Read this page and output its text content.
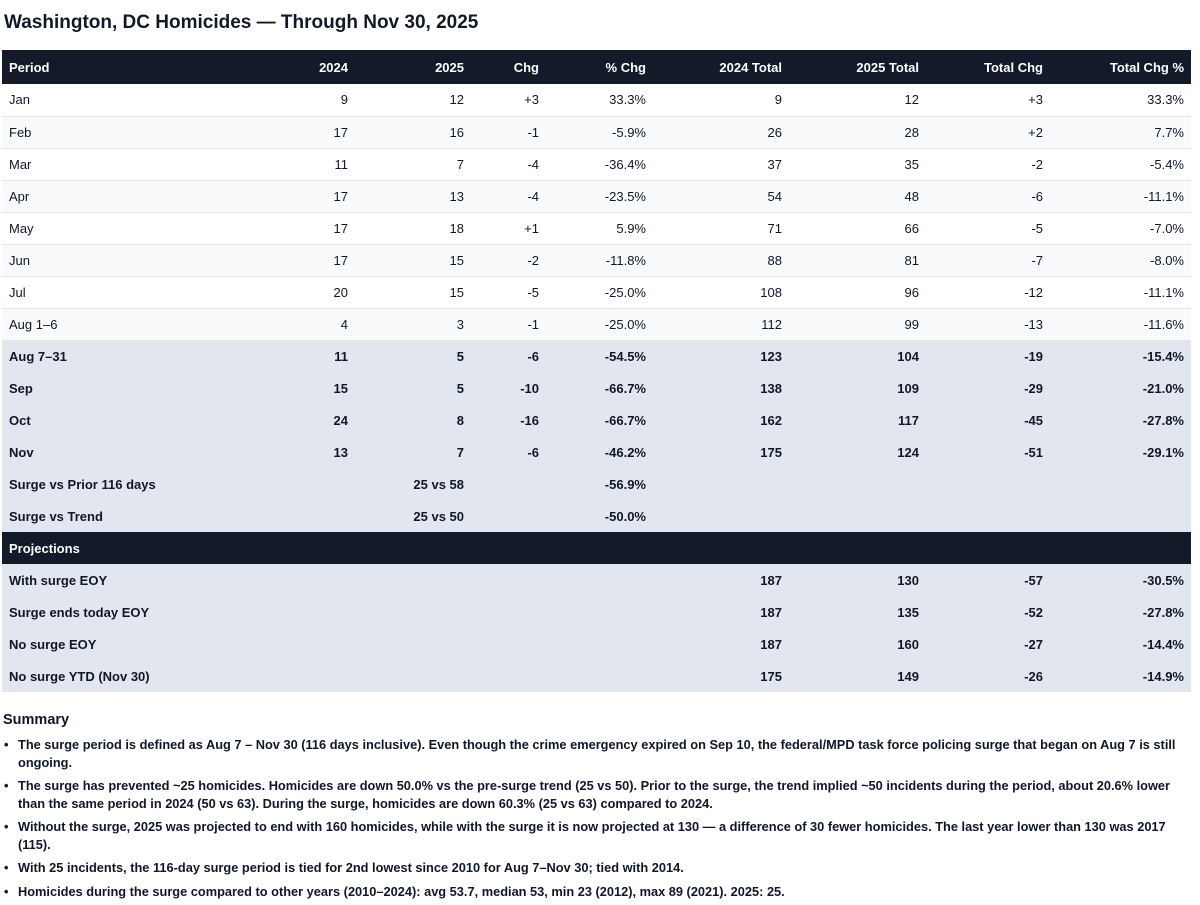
Washington, DC Homicides — Through Nov 30, 2025
Period	2024	2025	Chg	% Chg	2024 Total	2025 Total	Total Chg	Total Chg %
Jan	9	12	+3	33.3%	9	12	+3	33.3%
Feb	17	16	-1	-5.9%	26	28	+2	7.7%
Mar	11	7	-4	-36.4%	37	35	-2	-5.4%
Apr	17	13	-4	-23.5%	54	48	-6	-11.1%
May	17	18	+1	5.9%	71	66	-5	-7.0%
Jun	17	15	-2	-11.8%	88	81	-7	-8.0%
Jul	20	15	-5	-25.0%	108	96	-12	-11.1%
Aug 1–6	4	3	-1	-25.0%	112	99	-13	-11.6%
Aug 7–31	11	5	-6	-54.5%	123	104	-19	-15.4%
Sep	15	5	-10	-66.7%	138	109	-29	-21.0%
Oct	24	8	-16	-66.7%	162	117	-45	-27.8%
Nov	13	7	-6	-46.2%	175	124	-51	-29.1%
Surge vs Prior 116 days		25 vs 58		-56.9%				
Surge vs Trend		25 vs 50		-50.0%				
Projections								
With surge EOY					187	130	-57	-30.5%
Surge ends today EOY					187	135	-52	-27.8%
No surge EOY					187	160	-27	-14.4%
No surge YTD (Nov 30)					175	149	-26	-14.9%
Summary
• The surge period is defined as Aug 7 – Nov 30 (116 days inclusive). Even though the crime emergency expired on Sep 10, the federal/MPD task force policing surge that began on Aug 7 is still ongoing.
• The surge has prevented ~25 homicides. Homicides are down 50.0% vs the pre-surge trend (25 vs 50). Prior to the surge, the trend implied ~50 incidents during the period, about 20.6% lower than the same period in 2024 (50 vs 63). During the surge, homicides are down 60.3% (25 vs 63) compared to 2024.
• Without the surge, 2025 was projected to end with 160 homicides, while with the surge it is now projected at 130 — a difference of 30 fewer homicides. The last year lower than 130 was 2017 (115).
• With 25 incidents, the 116-day surge period is tied for 2nd lowest since 2010 for Aug 7–Nov 30; tied with 2014.
• Homicides during the surge compared to other years (2010–2024): avg 53.7, median 53, min 23 (2012), max 89 (2021). 2025: 25.
